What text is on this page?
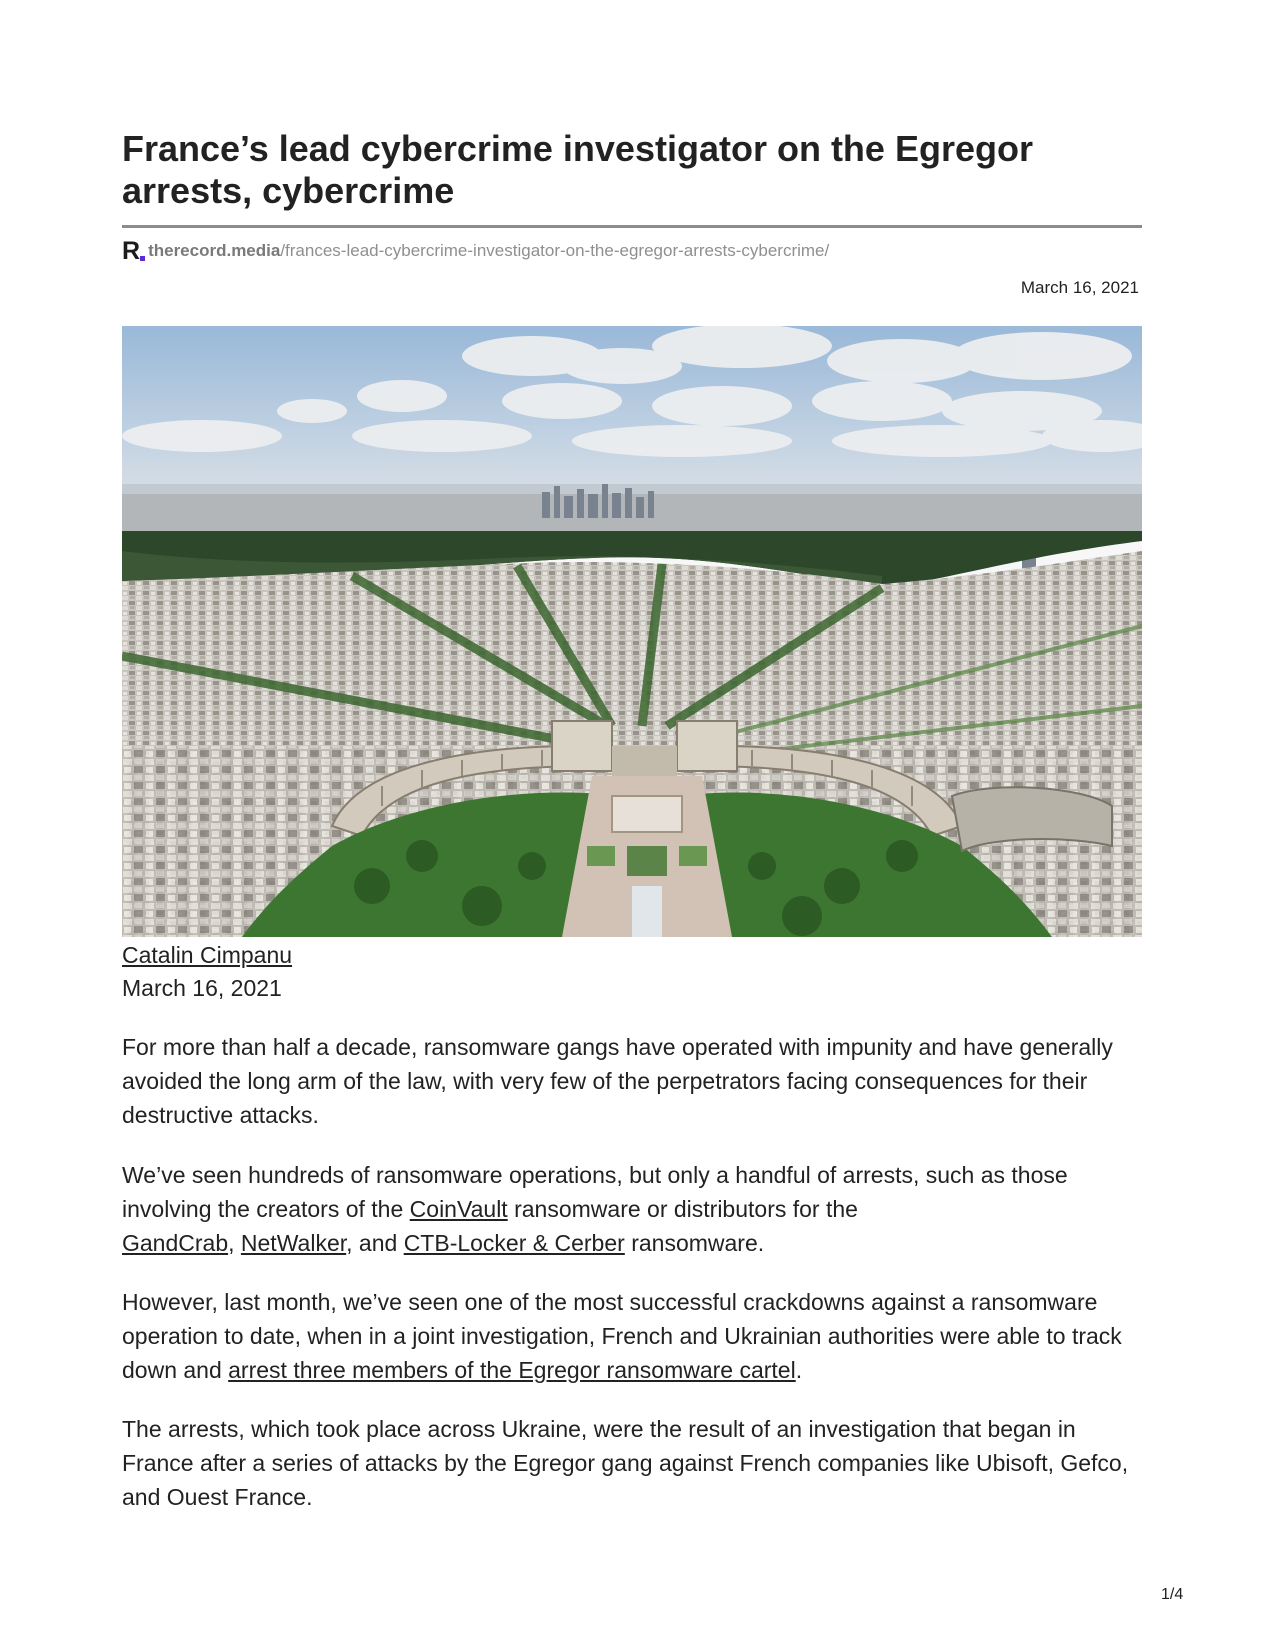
France’s lead cybercrime investigator on the Egregor arrests, cybercrime
R therecord.media /frances-lead-cybercrime-investigator-on-the-egregor-arrests-cybercrime/
March 16, 2021
Catalin Cimpanu
March 16, 2021

For more than half a decade, ransomware gangs have operated with impunity and have generally avoided the long arm of the law, with very few of the perpetrators facing consequences for their destructive attacks.

We’ve seen hundreds of ransomware operations, but only a handful of arrests, such as those involving the creators of the CoinVault ransomware or distributors for the
GandCrab, NetWalker, and CTB-Locker & Cerber ransomware.

However, last month, we’ve seen one of the most successful crackdowns against a ransomware operation to date, when in a joint investigation, French and Ukrainian authorities were able to track down and arrest three members of the Egregor ransomware cartel.

The arrests, which took place across Ukraine, were the result of an investigation that began in France after a series of attacks by the Egregor gang against French companies like Ubisoft, Gefco, and Ouest France.

1/4
